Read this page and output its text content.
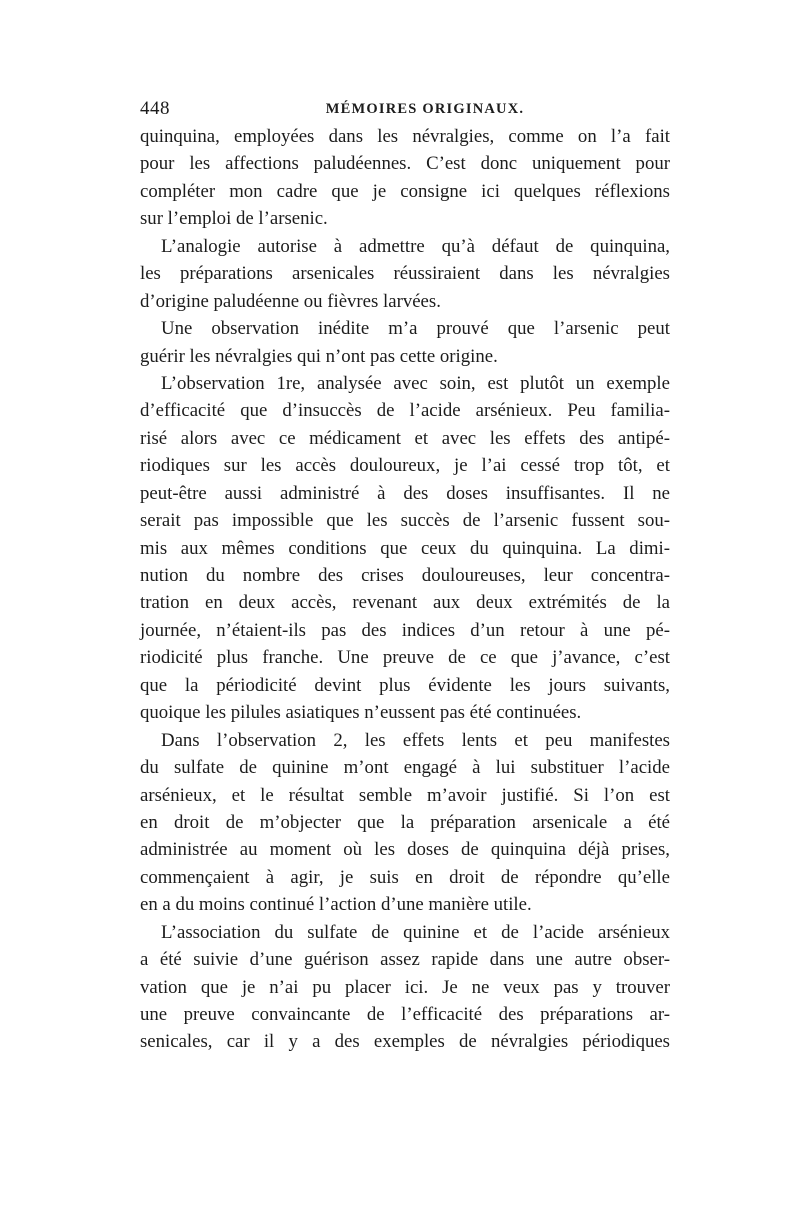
448	MÉMOIRES ORIGINAUX.
quinquina, employées dans les névralgies, comme on l’a fait
pour les affections paludéennes. C’est donc uniquement pour
compléter mon cadre que je consigne ici quelques réflexions
sur l’emploi de l’arsenic.
L’analogie autorise à admettre qu’à défaut de quinquina,
les préparations arsenicales réussiraient dans les névralgies
d’origine paludéenne ou fièvres larvées.
Une observation inédite m’a prouvé que l’arsenic peut
guérir les névralgies qui n’ont pas cette origine.
L’observation 1re, analysée avec soin, est plutôt un exemple
d’efficacité que d’insuccès de l’acide arsénieux. Peu familia-
risé alors avec ce médicament et avec les effets des antipé-
riodiques sur les accès douloureux, je l’ai cessé trop tôt, et
peut-être aussi administré à des doses insuffisantes. Il ne
serait pas impossible que les succès de l’arsenic fussent sou-
mis aux mêmes conditions que ceux du quinquina. La dimi-
nution du nombre des crises douloureuses, leur concentra-
tration en deux accès, revenant aux deux extrémités de la
journée, n’étaient-ils pas des indices d’un retour à une pé-
riodicité plus franche. Une preuve de ce que j’avance, c’est
que la périodicité devint plus évidente les jours suivants,
quoique les pilules asiatiques n’eussent pas été continuées.
Dans l’observation 2, les effets lents et peu manifestes
du sulfate de quinine m’ont engagé à lui substituer l’acide
arsénieux, et le résultat semble m’avoir justifié. Si l’on est
en droit de m’objecter que la préparation arsenicale a été
administrée au moment où les doses de quinquina déjà prises,
commençaient à agir, je suis en droit de répondre qu’elle
en a du moins continué l’action d’une manière utile.
L’association du sulfate de quinine et de l’acide arsénieux
a été suivie d’une guérison assez rapide dans une autre obser-
vation que je n’ai pu placer ici. Je ne veux pas y trouver
une preuve convaincante de l’efficacité des préparations ar-
senicales, car il y a des exemples de névralgies périodiques
